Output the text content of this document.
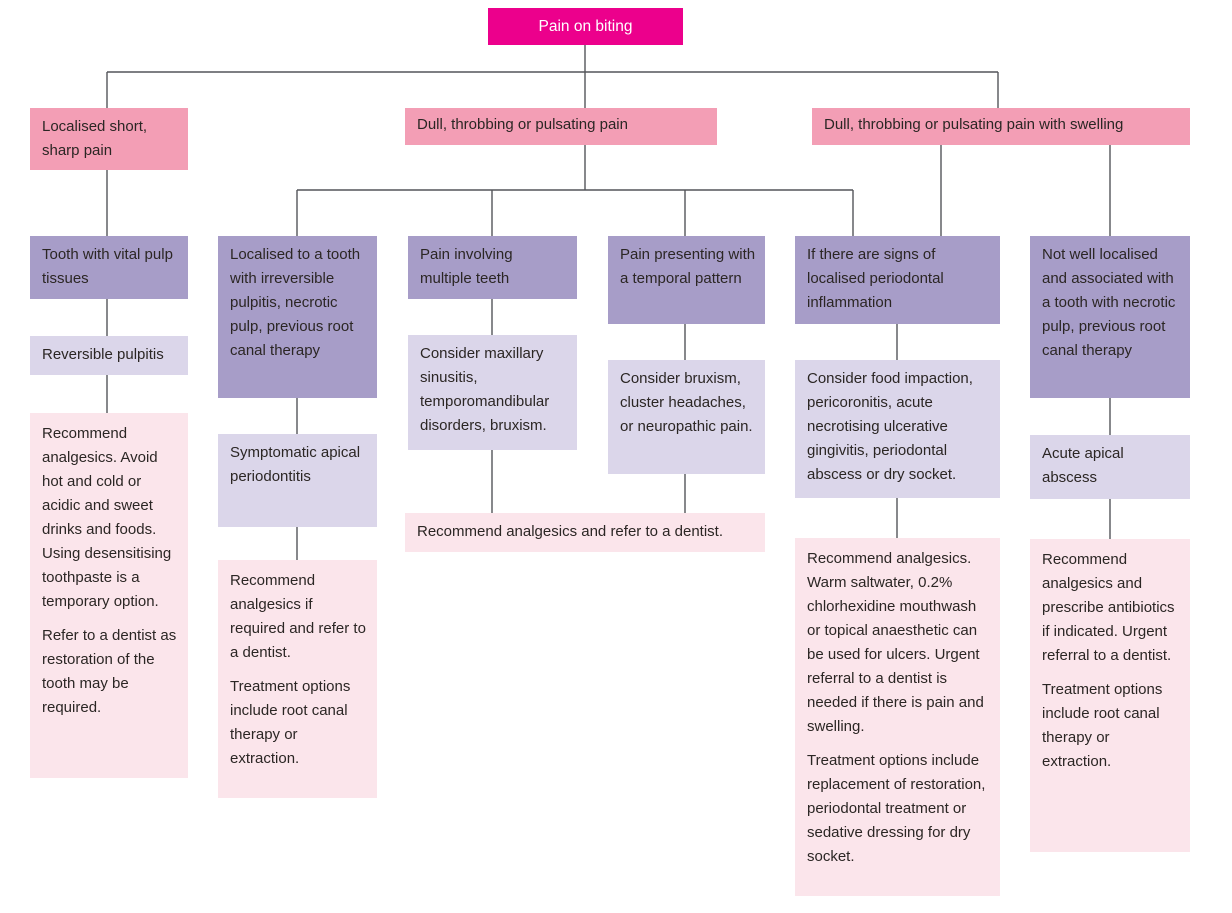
Pain on biting
Localised short, sharp pain
Dull, throbbing or pulsating pain	Dull, throbbing or pulsating pain with swelling
Tooth with vital pulp tissues
Reversible pulpitis

Recommend analgesics. Avoid hot and cold or acidic and sweet drinks and foods. Using desensitising toothpaste is a temporary option.

Refer to a dentist as restoration of the tooth may be required.

Localised to a tooth with irreversible pulpitis, necrotic pulp, previous root canal therapy
Symptomatic apical periodontitis

Recommend analgesics if required and refer to a dentist.

Treatment options include root canal therapy or extraction.

Pain involving multiple teeth
Consider maxillary sinusitis, temporomandibular disorders, bruxism.
Pain presenting with a temporal pattern
Consider bruxism, cluster headaches, or neuropathic pain.
Recommend analgesics and refer to a dentist.
If there are signs of localised periodontal inflammation
Consider food impaction, pericoronitis, acute necrotising ulcerative gingivitis, periodontal abscess or dry socket.

Recommend analgesics. Warm saltwater, 0.2% chlorhexidine mouthwash or topical anaesthetic can be used for ulcers. Urgent referral to a dentist is needed if there is pain and swelling.

Treatment options include replacement of restoration, periodontal treatment or sedative dressing for dry socket.

Not well localised and associated with a tooth with necrotic pulp, previous root canal therapy
Acute apical abscess

Recommend analgesics and prescribe antibiotics if indicated. Urgent referral to a dentist.

Treatment options include root canal therapy or extraction.
